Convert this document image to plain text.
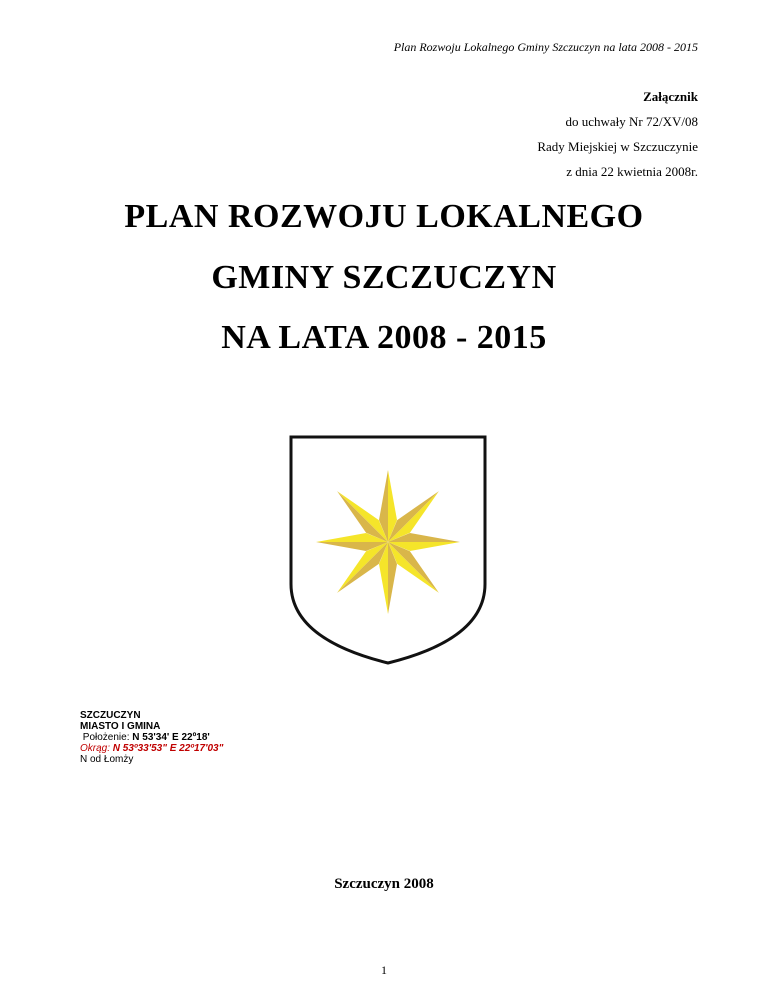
Plan Rozwoju Lokalnego Gminy Szczuczyn na lata 2008 - 2015
Załącznik
do uchwały Nr 72/XV/08
Rady Miejskiej w Szczuczynie
z dnia 22 kwietnia 2008r.
PLAN ROZWOJU LOKALNEGO
GMINY SZCZUCZYN
NA LATA 2008 - 2015
SZCZUCZYN
MIASTO I GMINA
Położenie: N 53'34' E 22º18'
Okrąg: N 53º33'53" E 22º17'03"
N od Łomży
Szczuczyn 2008
1
